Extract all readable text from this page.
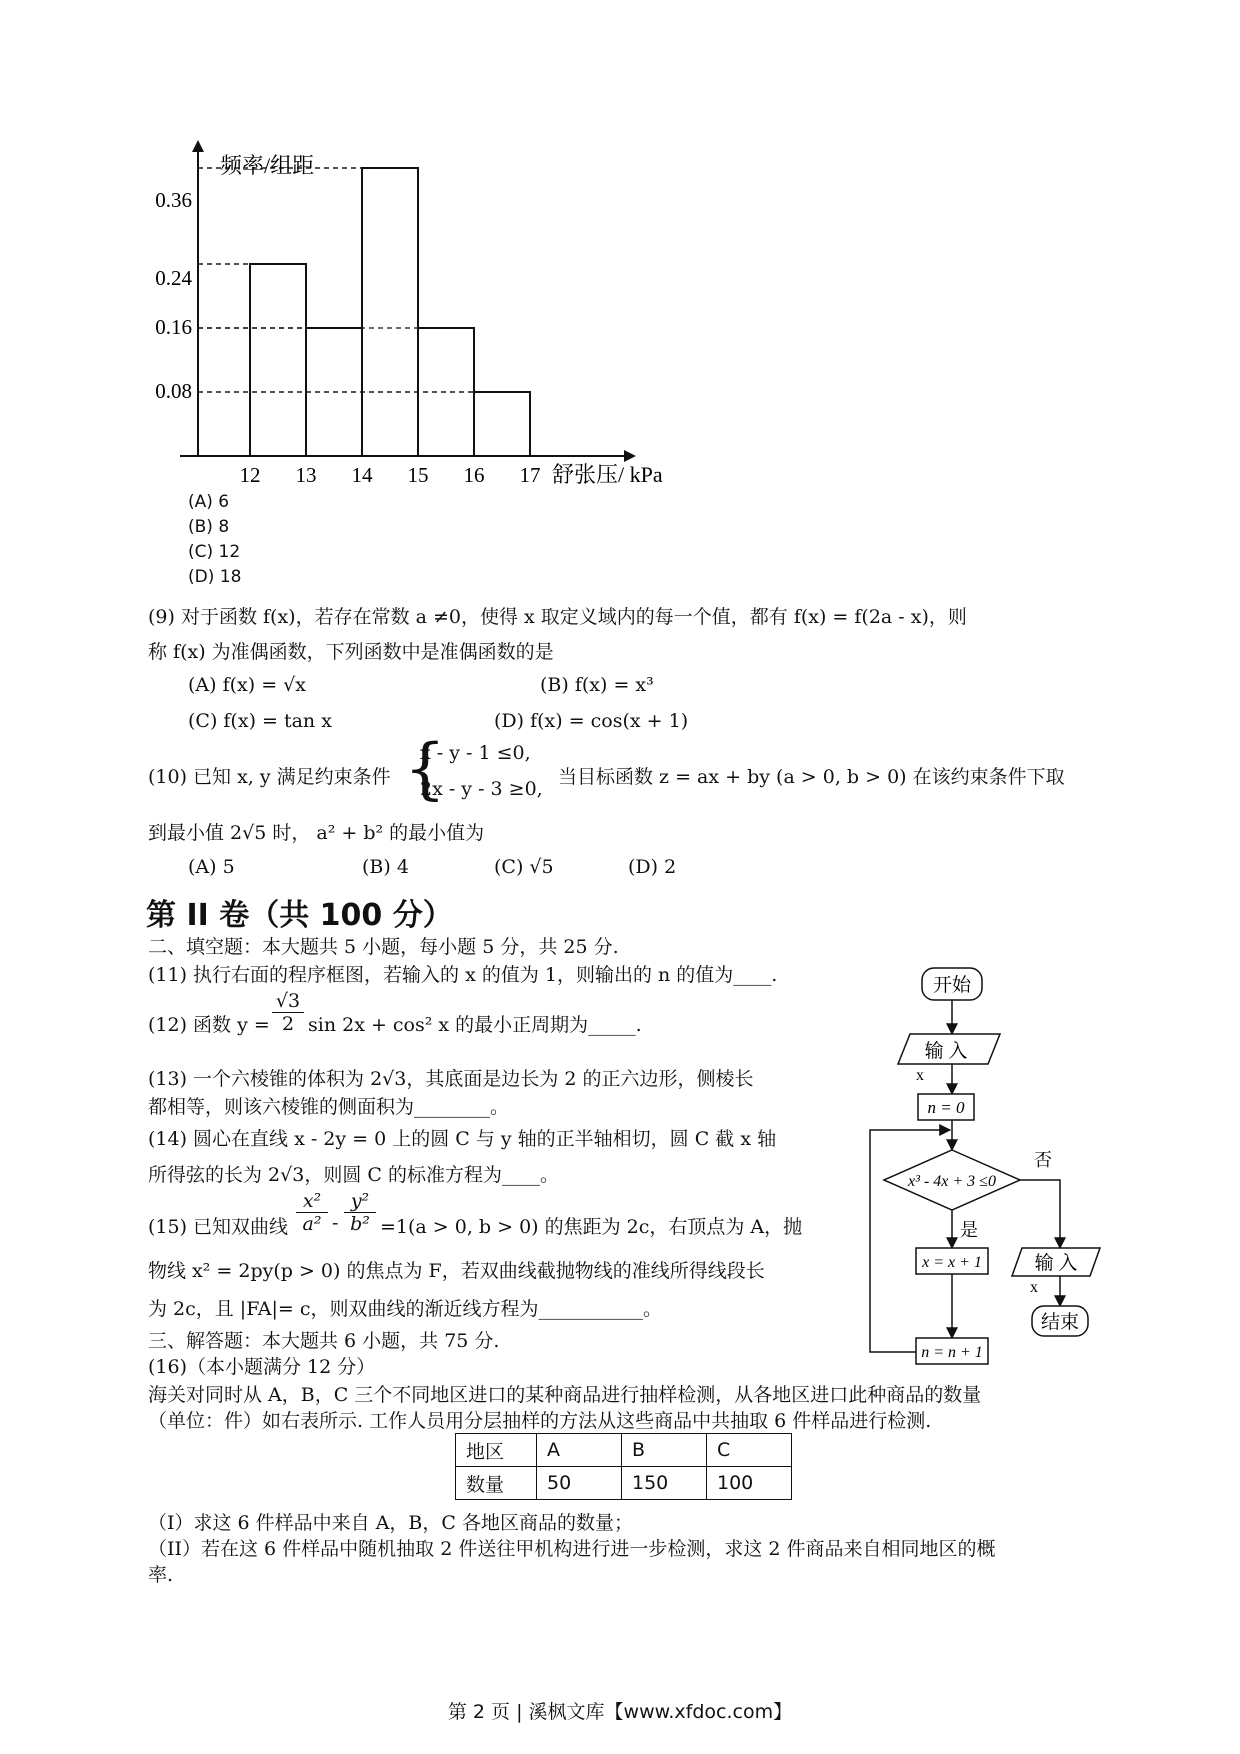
频率/组距
0.36
0.24
0.16
0.08
12 13 14 15 16 17 舒张压/ kPa
(A) 6
(B) 8
(C) 12
(D) 18
(9) 对于函数 f(x)，若存在常数 a ≠0，使得 x 取定义域内的每一个值，都有 f(x) = f(2a - x)，则
称 f(x) 为准偶函数，下列函数中是准偶函数的是
(A) f(x) = √x	(B) f(x) = x³
(C) f(x) = tan x	(D) f(x) = cos(x + 1)
(10) 已知 x, y 满足约束条件 {
x - y - 1 ≤0,
2x - y - 3 ≥0,
当目标函数 z = ax + by (a > 0, b > 0) 在该约束条件下取
到最小值 2√5 时， a² + b² 的最小值为
(A) 5	(B) 4	(C) √5	(D) 2
第 II 卷（共 100 分）
二、填空题：本大题共 5 小题，每小题 5 分，共 25 分.
(11) 执行右面的程序框图，若输入的 x 的值为 1，则输出的 n 的值为____.
(12) 函数 $y = \frac{√3}{2}$ sin 2x + cos² x 的最小正周期为_____.
(13) 一个六棱锥的体积为 2√3，其底面是边长为 2 的正六边形，侧棱长
都相等，则该六棱锥的侧面积为________。
(14) 圆心在直线 x - 2y = 0 上的圆 C 与 y 轴的正半轴相切，圆 C 截 x 轴
所得弦的长为 2√3，则圆 C 的标准方程为____。
(15) 已知双曲线 $\frac{\text{x²}}{\text{a²}} - \frac{\text{y²}}{\text{b²}} =1(a > 0$, b > 0) 的焦距为 2c，右顶点为 A，抛
物线 x² = 2py(p > 0) 的焦点为 F，若双曲线截抛物线的准线所得线段长
为 2c，且 |FA|= c，则双曲线的渐近线方程为___________。
三、解答题：本大题共 6 小题，共 75 分.
(16)（本小题满分 12 分）
海关对同时从 A，B，C 三个不同地区进口的某种商品进行抽样检测，从各地区进口此种商品的数量
（单位：件）如右表所示. 工作人员用分层抽样的方法从这些商品中共抽取 6 件样品进行检测.
地区	A	B	C
数量	50	150	100
（Ⅰ）求这 6 件样品中来自 A，B，C 各地区商品的数量；
（II）若在这 6 件样品中随机抽取 2 件送往甲机构进行进一步检测，求这 2 件商品来自相同地区的概
率.
开始
输 入
x
n = 0
x³ - 4x + 3 ≤0
否
是
x = x + 1
n = n + 1
输 入
x
结束
第 2 页 | 溪枫文库【www.xfdoc.com】
